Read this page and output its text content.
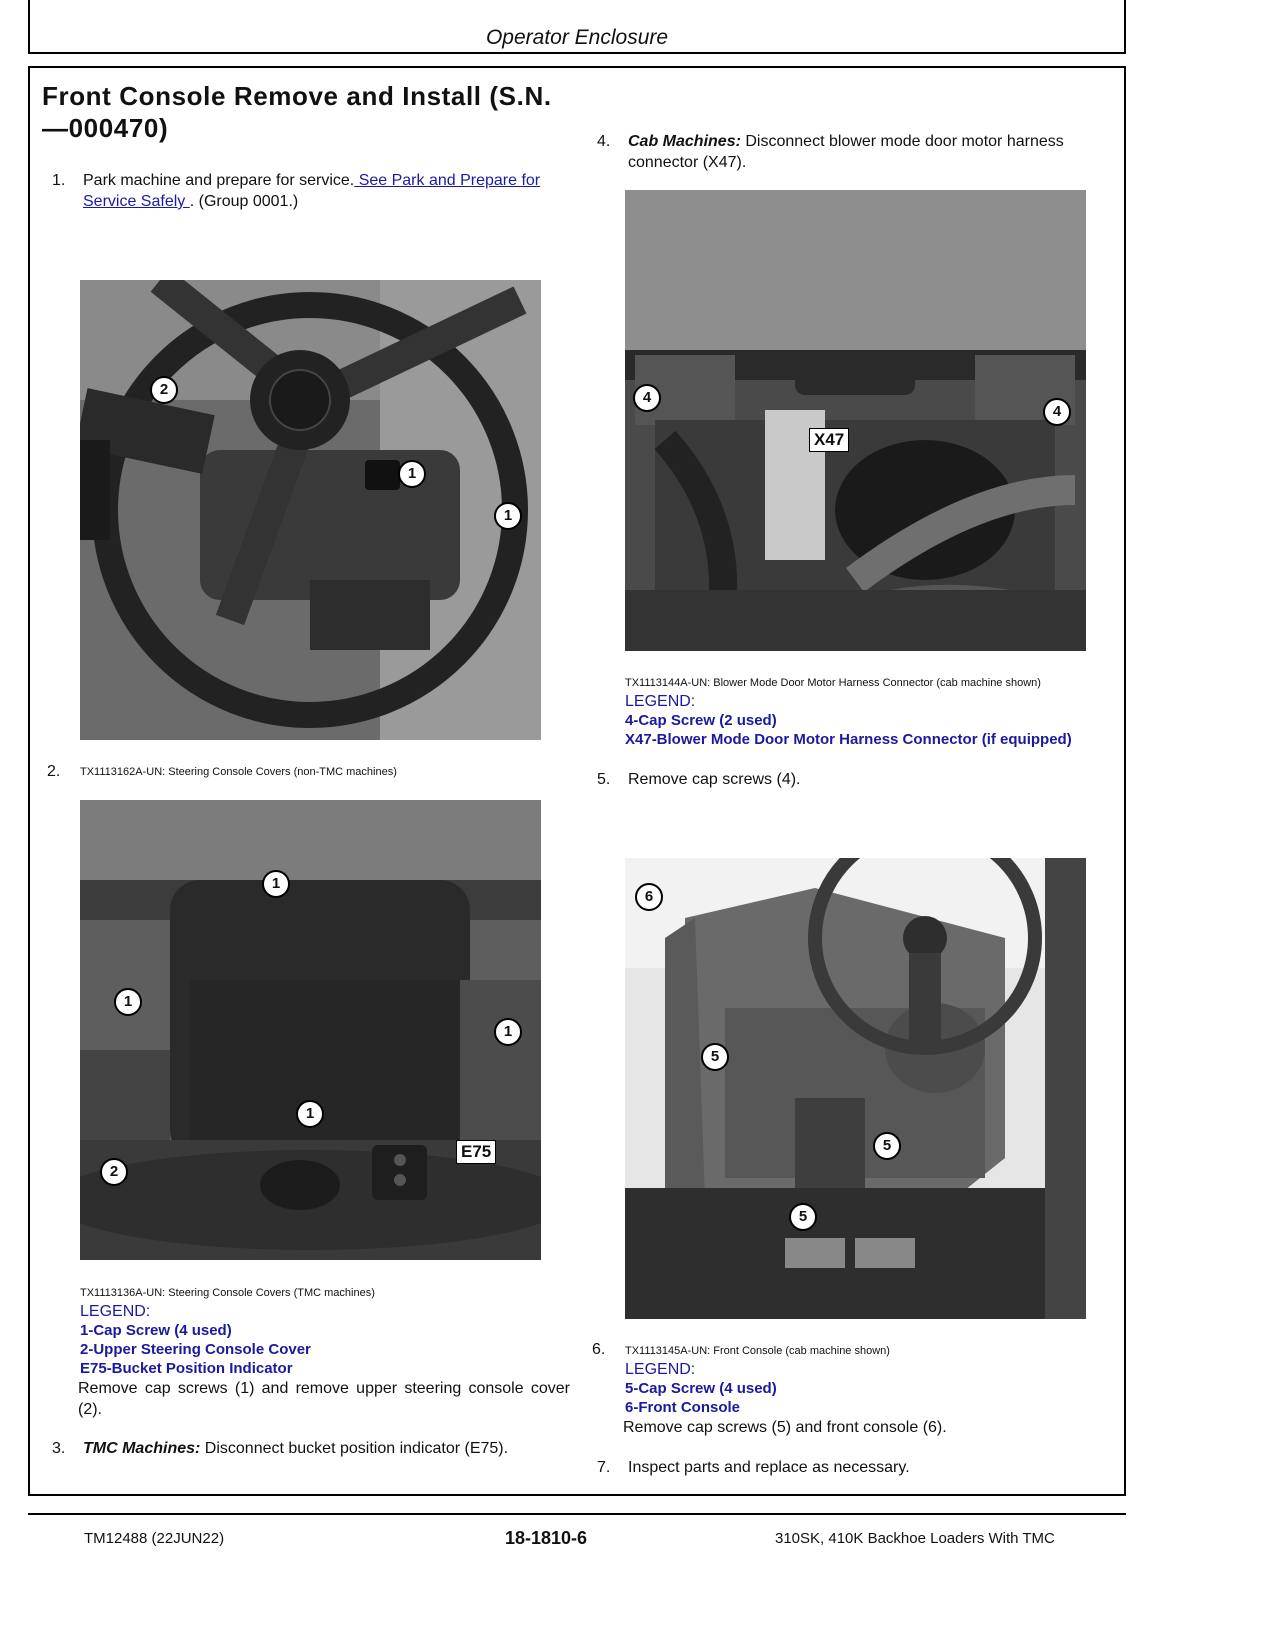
Operator Enclosure
Front Console Remove and Install (S.N. —000470)
1. Park machine and prepare for service. See Park and Prepare for Service Safely . (Group 0001.)
2
1
1
2. TX1113162A-UN: Steering Console Covers (non-TMC machines)
1
1
1
1
2
E75
TX1113136A-UN: Steering Console Covers (TMC machines)
LEGEND:
1-Cap Screw (4 used)
2-Upper Steering Console Cover
E75-Bucket Position Indicator
Remove cap screws (1) and remove upper steering console cover (2).
3. TMC Machines: Disconnect bucket position indicator (E75).
4. Cab Machines: Disconnect blower mode door motor harness connector (X47).
4
4
X47
TX1113144A-UN: Blower Mode Door Motor Harness Connector (cab machine shown)
LEGEND:
4-Cap Screw (2 used)
X47-Blower Mode Door Motor Harness Connector (if equipped)
5. Remove cap screws (4).
6
5
5
5
6. TX1113145A-UN: Front Console (cab machine shown)
LEGEND:
5-Cap Screw (4 used)
6-Front Console
Remove cap screws (5) and front console (6).
7. Inspect parts and replace as necessary.
TM12488 (22JUN22)	18-1810-6	310SK, 410K Backhoe Loaders With TMC
